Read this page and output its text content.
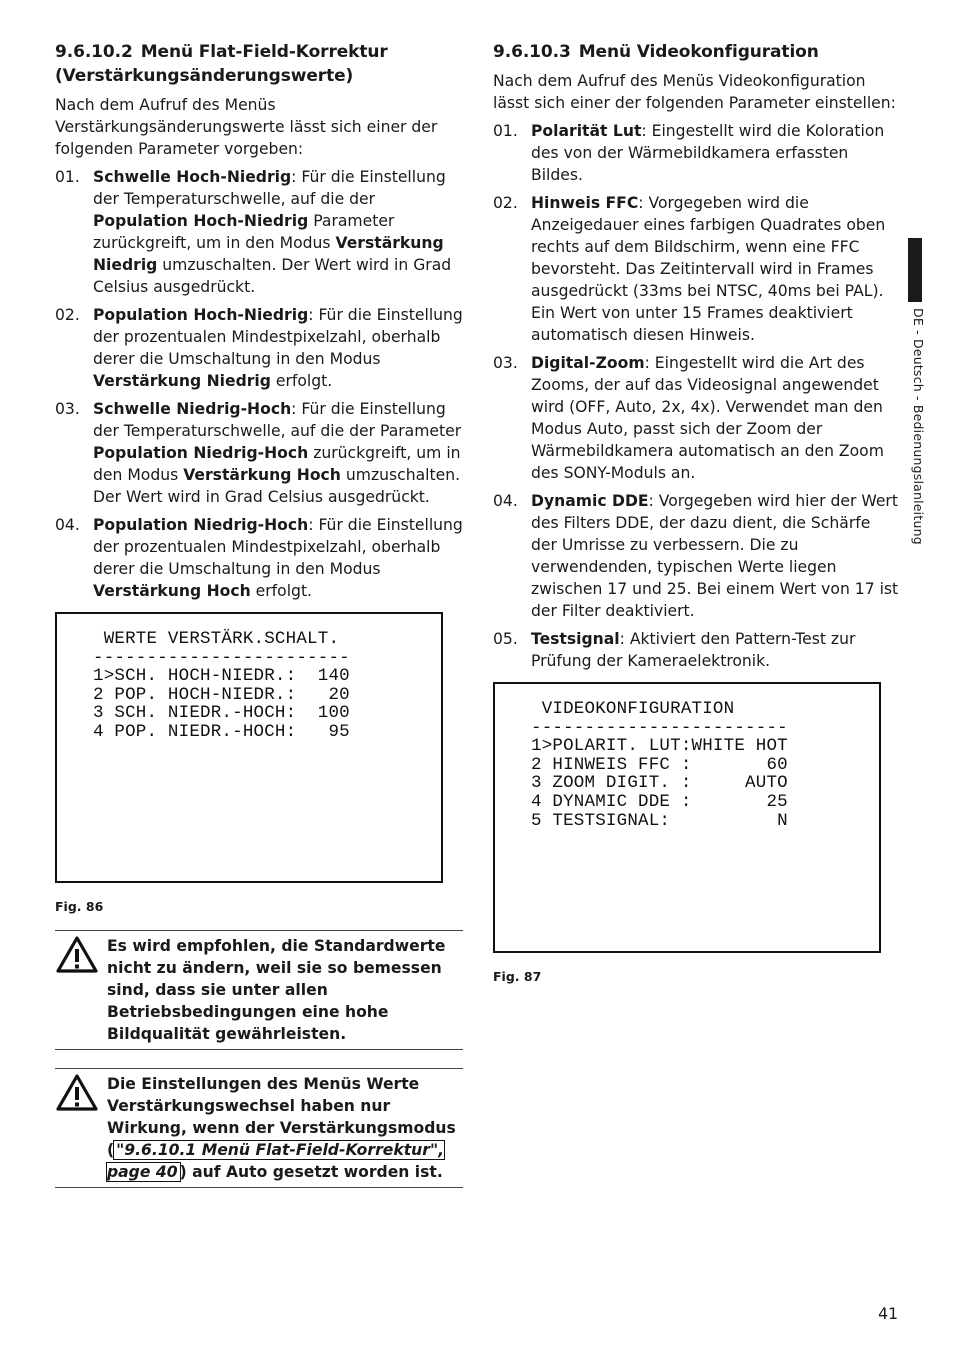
9.6.10.2 Menü Flat-Field-Korrektur
(Verstärkungsänderungswerte)

Nach dem Aufruf des Menüs Verstärkungsänderungswerte lässt sich einer der folgenden Parameter vorgeben:

01. Schwelle Hoch-Niedrig: Für die Einstellung der Temperaturschwelle, auf die der Population Hoch-Niedrig Parameter zurückgreift, um in den Modus Verstärkung Niedrig umzuschalten. Der Wert wird in Grad Celsius ausgedrückt.
02. Population Hoch-Niedrig: Für die Einstellung der prozentualen Mindestpixelzahl, oberhalb derer die Umschaltung in den Modus Verstärkung Niedrig erfolgt.
03. Schwelle Niedrig-Hoch: Für die Einstellung der Temperaturschwelle, auf die der Parameter Population Niedrig-Hoch zurückgreift, um in den Modus Verstärkung Hoch umzuschalten. Der Wert wird in Grad Celsius ausgedrückt.
04. Population Niedrig-Hoch: Für die Einstellung der prozentualen Mindestpixelzahl, oberhalb derer die Umschaltung in den Modus Verstärkung Hoch erfolgt.
WERTE VERSTÄRK.SCHALT.
------------------------
1>SCH. HOCH-NIEDR.:  140
2 POP. HOCH-NIEDR.:   20
3 SCH. NIEDR.-HOCH:  100
4 POP. NIEDR.-HOCH:   95
Fig. 86
Es wird empfohlen, die Standardwerte nicht zu ändern, weil sie so bemessen sind, dass sie unter allen Betriebsbedingungen eine hohe Bildqualität gewährleisten.
Die Einstellungen des Menüs Werte Verstärkungswechsel haben nur Wirkung, wenn der Verstärkungsmodus ( "9.6.10.1 Menü Flat-Field-Korrektur", page 40 ) auf Auto gesetzt worden ist.
9.6.10.3 Menü Videokonfiguration

Nach dem Aufruf des Menüs Videokonfiguration lässt sich einer der folgenden Parameter einstellen:

01. Polarität Lut: Eingestellt wird die Koloration des von der Wärmebildkamera erfassten Bildes.
02. Hinweis FFC: Vorgegeben wird die Anzeigedauer eines farbigen Quadrates oben rechts auf dem Bildschirm, wenn eine FFC bevorsteht. Das Zeitintervall wird in Frames ausgedrückt (33ms bei NTSC, 40ms bei PAL). Ein Wert von unter 15 Frames deaktiviert automatisch diesen Hinweis.
03. Digital-Zoom: Eingestellt wird die Art des Zooms, der auf das Videosignal angewendet wird (OFF, Auto, 2x, 4x). Verwendet man den Modus Auto, passt sich der Zoom der Wärmebildkamera automatisch an den Zoom des SONY-Moduls an.
04. Dynamic DDE: Vorgegeben wird hier der Wert des Filters DDE, der dazu dient, die Schärfe der Umrisse zu verbessern. Die zu verwendenden, typischen Werte liegen zwischen 17 und 25. Bei einem Wert von 17 ist der Filter deaktiviert.
05. Testsignal: Aktiviert den Pattern-Test zur Prüfung der Kameraelektronik.
VIDEOKONFIGURATION
------------------------
1>POLARIT. LUT:WHITE HOT
2 HINWEIS FFC :       60
3 ZOOM DIGIT. :     AUTO
4 DYNAMIC DDE :       25
5 TESTSIGNAL:          N
Fig. 87
DE - Deutsch - Bedienungslanleitung
41
